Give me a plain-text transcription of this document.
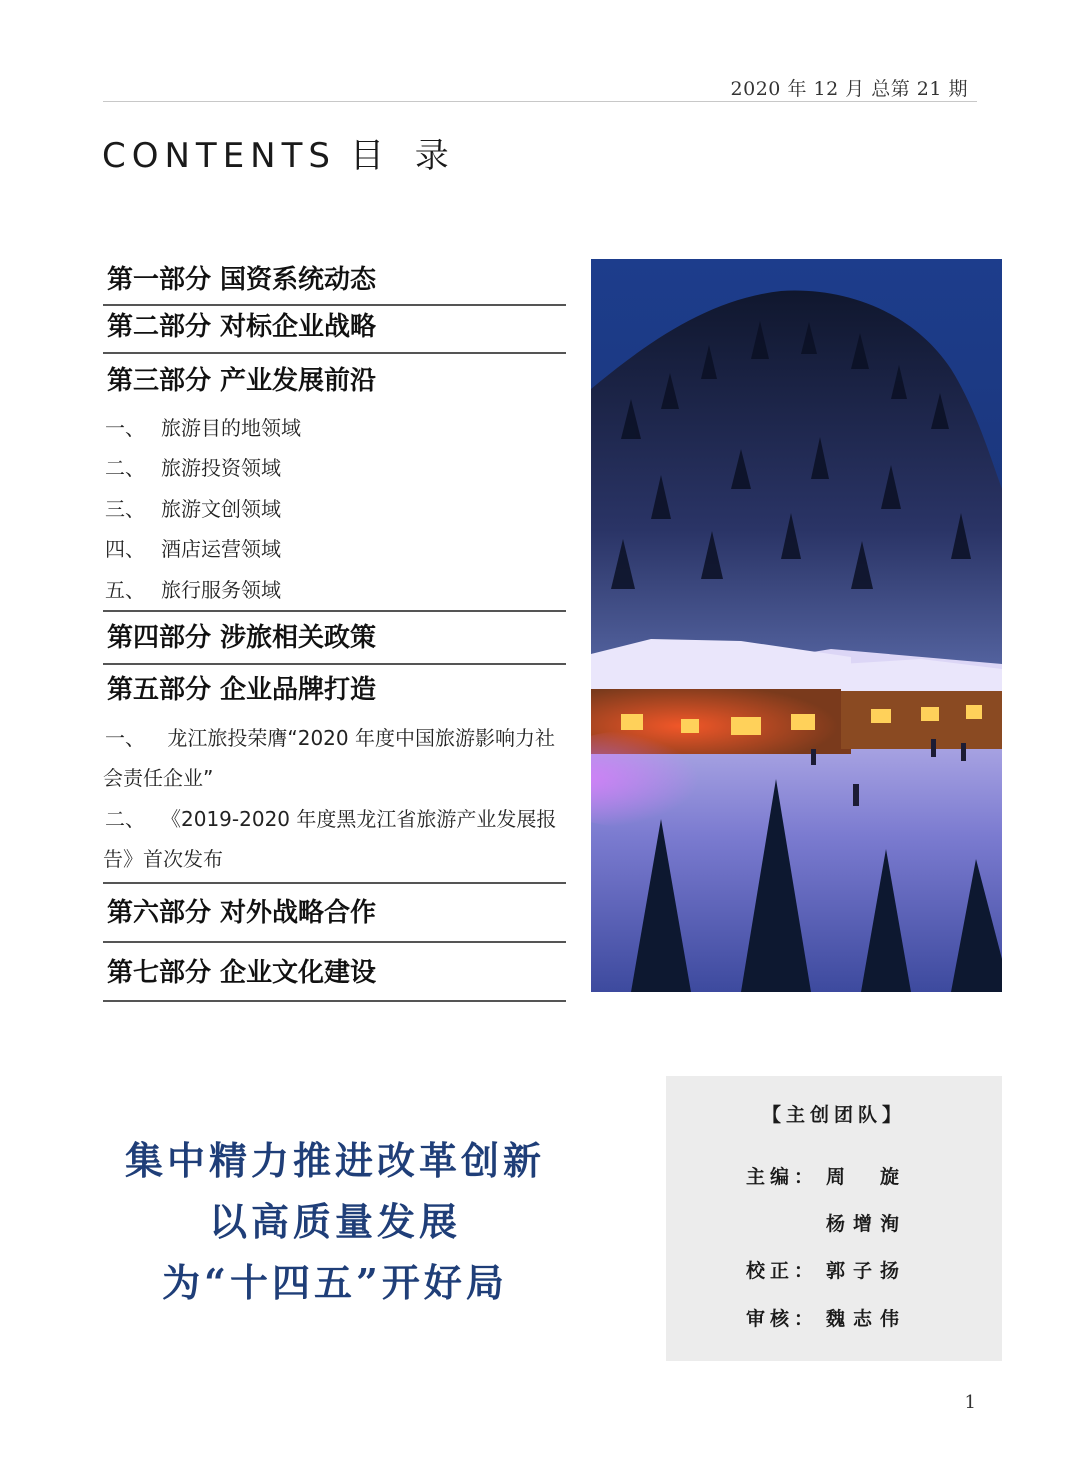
2020 年 12 月 总第 21 期
CONTENTS 目 录
第一部分 国资系统动态
第二部分 对标企业战略
第三部分 产业发展前沿
一、 旅游目的地领域
二、 旅游投资领域
三、 旅游文创领域
四、 酒店运营领域
五、 旅行服务领域
第四部分 涉旅相关政策
第五部分 企业品牌打造
一、 龙江旅投荣膺“2020 年度中国旅游影响力社会责任企业”
二、 《2019-2020 年度黑龙江省旅游产业发展报告》首次发布
第六部分 对外战略合作
第七部分 企业文化建设
集中精力推进改革创新
以高质量发展
为“十四五”开好局
【主创团队】
主编： 周　旋
杨增洵
校正： 郭子扬
审核： 魏志伟
1
